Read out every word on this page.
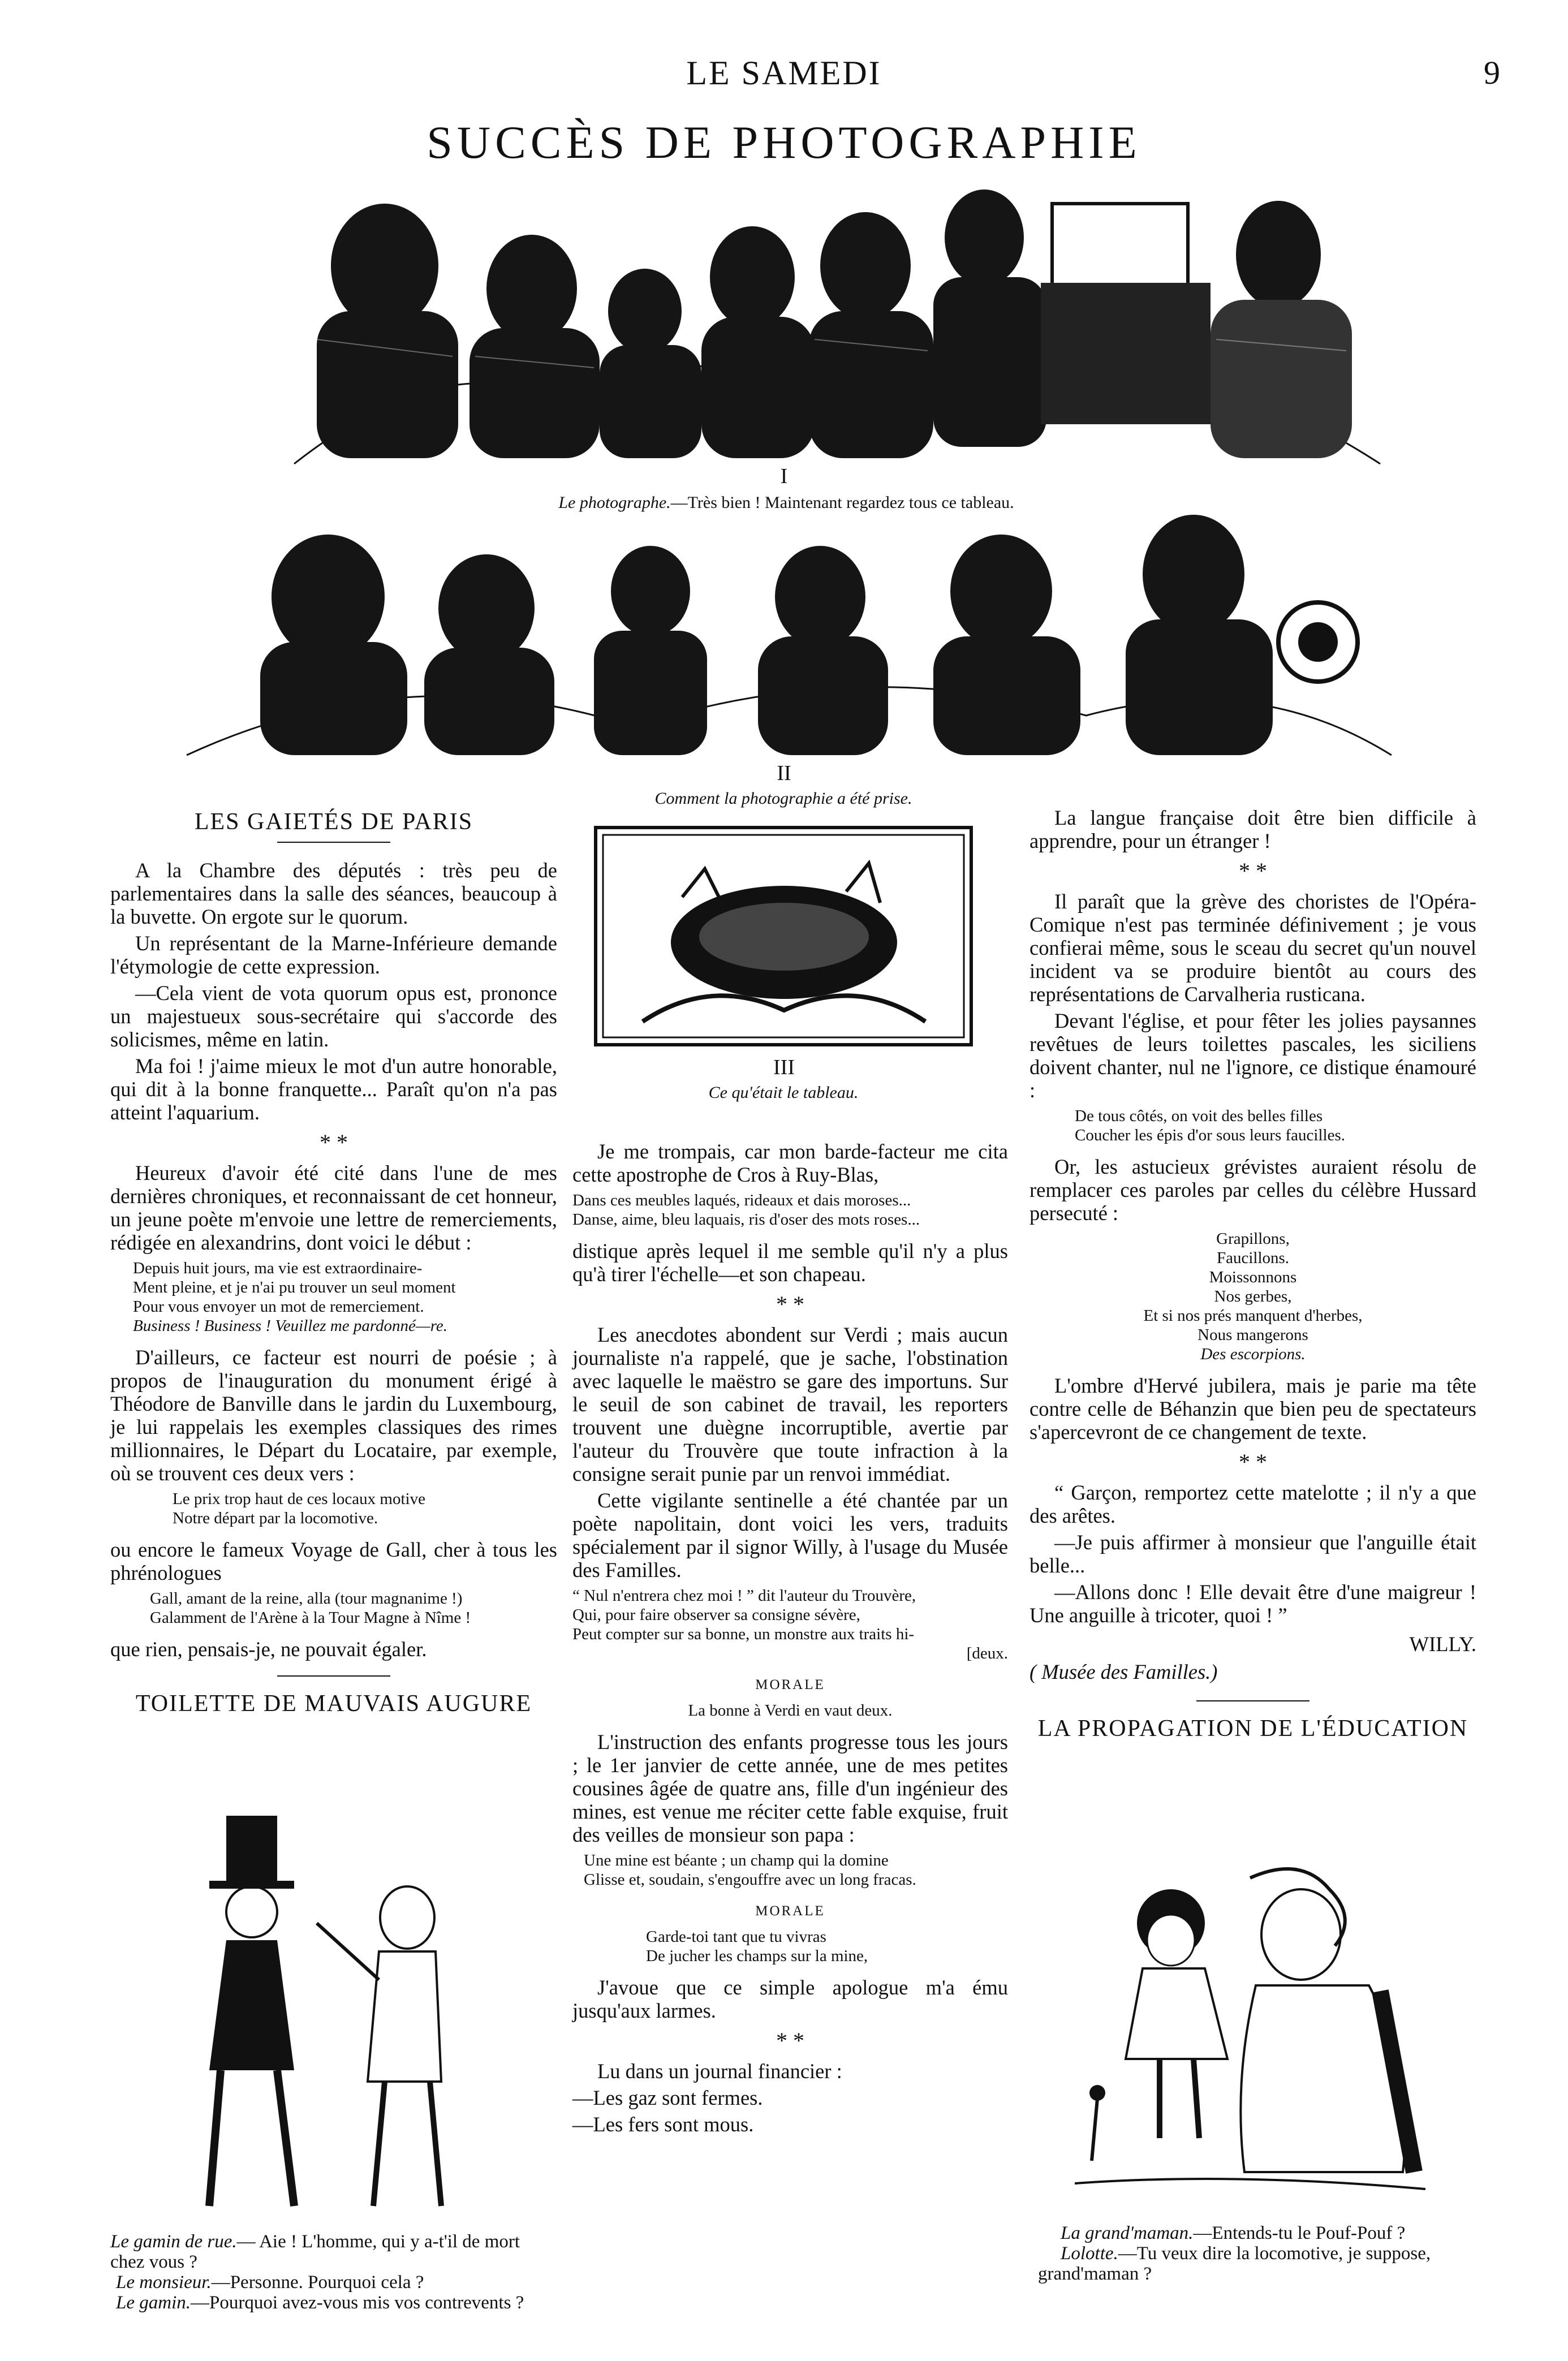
LE SAMEDI	9
SUCCÈS DE PHOTOGRAPHIE
I
Le photographe.—Très bien ! Maintenant regardez tous ce tableau.
II
Comment la photographie a été prise.
III
Ce qu'était le tableau.
LES GAIETÉS DE PARIS

A la Chambre des députés : très peu de parlementaires dans la salle des séances, beaucoup à la buvette. On ergote sur le quorum.

Un représentant de la Marne-Inférieure demande l'étymologie de cette expression.

—Cela vient de vota quorum opus est, prononce un majestueux sous-secrétaire qui s'accorde des solicismes, même en latin.

Ma foi ! j'aime mieux le mot d'un autre honorable, qui dit à la bonne franquette... Paraît qu'on n'a pas atteint l'aquarium.

* *

Heureux d'avoir été cité dans l'une de mes dernières chroniques, et reconnaissant de cet honneur, un jeune poète m'envoie une lettre de remerciements, rédigée en alexandrins, dont voici le début :

Depuis huit jours, ma vie est extraordinaire-
Ment pleine, et je n'ai pu trouver un seul moment
Pour vous envoyer un mot de remerciement.
Business ! Business ! Veuillez me pardonné—re.

D'ailleurs, ce facteur est nourri de poésie ; à propos de l'inauguration du monument érigé à Théodore de Banville dans le jardin du Luxembourg, je lui rappelais les exemples classiques des rimes millionnaires, le Départ du Locataire, par exemple, où se trouvent ces deux vers :

Le prix trop haut de ces locaux motive
Notre départ par la locomotive.

ou encore le fameux Voyage de Gall, cher à tous les phrénologues

Gall, amant de la reine, alla (tour magnanime !)
Galamment de l'Arène à la Tour Magne à Nîme !

que rien, pensais-je, ne pouvait égaler.

TOILETTE DE MAUVAIS AUGURE
Le gamin de rue.— Aie ! L'homme, qui y a-t'il de mort chez vous ?
Le monsieur.—Personne. Pourquoi cela ?
Le gamin.—Pourquoi avez-vous mis vos contrevents ?

Je me trompais, car mon barde-facteur me cita cette apostrophe de Cros à Ruy-Blas,

Dans ces meubles laqués, rideaux et dais moroses...
Danse, aime, bleu laquais, ris d'oser des mots roses...

distique après lequel il me semble qu'il n'y a plus qu'à tirer l'échelle—et son chapeau.

* *

Les anecdotes abondent sur Verdi ; mais aucun journaliste n'a rappelé, que je sache, l'obstination avec laquelle le maëstro se gare des importuns. Sur le seuil de son cabinet de travail, les reporters trouvent une duègne incorruptible, avertie par l'auteur du Trouvère que toute infraction à la consigne serait punie par un renvoi immédiat.

Cette vigilante sentinelle a été chantée par un poète napolitain, dont voici les vers, traduits spécialement par il signor Willy, à l'usage du Musée des Familles.

“ Nul n'entrera chez moi ! ” dit l'auteur du Trouvère,
Qui, pour faire observer sa consigne sévère,
Peut compter sur sa bonne, un monstre aux traits hi-
[deux.
MORALE
La bonne à Verdi en vaut deux.

L'instruction des enfants progresse tous les jours ; le 1er janvier de cette année, une de mes petites cousines âgée de quatre ans, fille d'un ingénieur des mines, est venue me réciter cette fable exquise, fruit des veilles de monsieur son papa :

Une mine est béante ; un champ qui la domine
Glisse et, soudain, s'engouffre avec un long fracas.
MORALE
Garde-toi tant que tu vivras
De jucher les champs sur la mine,

J'avoue que ce simple apologue m'a ému jusqu'aux larmes.

* *

Lu dans un journal financier :

—Les gaz sont fermes.

—Les fers sont mous.

La langue française doit être bien difficile à apprendre, pour un étranger !

* *

Il paraît que la grève des choristes de l'Opéra-Comique n'est pas terminée définivement ; je vous confierai même, sous le sceau du secret qu'un nouvel incident va se produire bientôt au cours des représentations de Carvalheria rusticana.

Devant l'église, et pour fêter les jolies paysannes revêtues de leurs toilettes pascales, les siciliens doivent chanter, nul ne l'ignore, ce distique énamouré :

De tous côtés, on voit des belles filles
Coucher les épis d'or sous leurs faucilles.

Or, les astucieux grévistes auraient résolu de remplacer ces paroles par celles du célèbre Hussard persecuté :

Grapillons,
Faucillons.
Moissonnons
Nos gerbes,
Et si nos prés manquent d'herbes,
Nous mangerons
Des escorpions.

L'ombre d'Hervé jubilera, mais je parie ma tête contre celle de Béhanzin que bien peu de spectateurs s'apercevront de ce changement de texte.

* *

“ Garçon, remportez cette matelotte ; il n'y a que des arêtes.

—Je puis affirmer à monsieur que l'anguille était belle...

—Allons donc ! Elle devait être d'une maigreur ! Une anguille à tricoter, quoi ! ”

WILLY.
( Musée des Familles.)
LA PROPAGATION DE L'ÉDUCATION
La grand'maman.—Entends-tu le Pouf-Pouf ?
Lolotte.—Tu veux dire la locomotive, je suppose, grand'maman ?
